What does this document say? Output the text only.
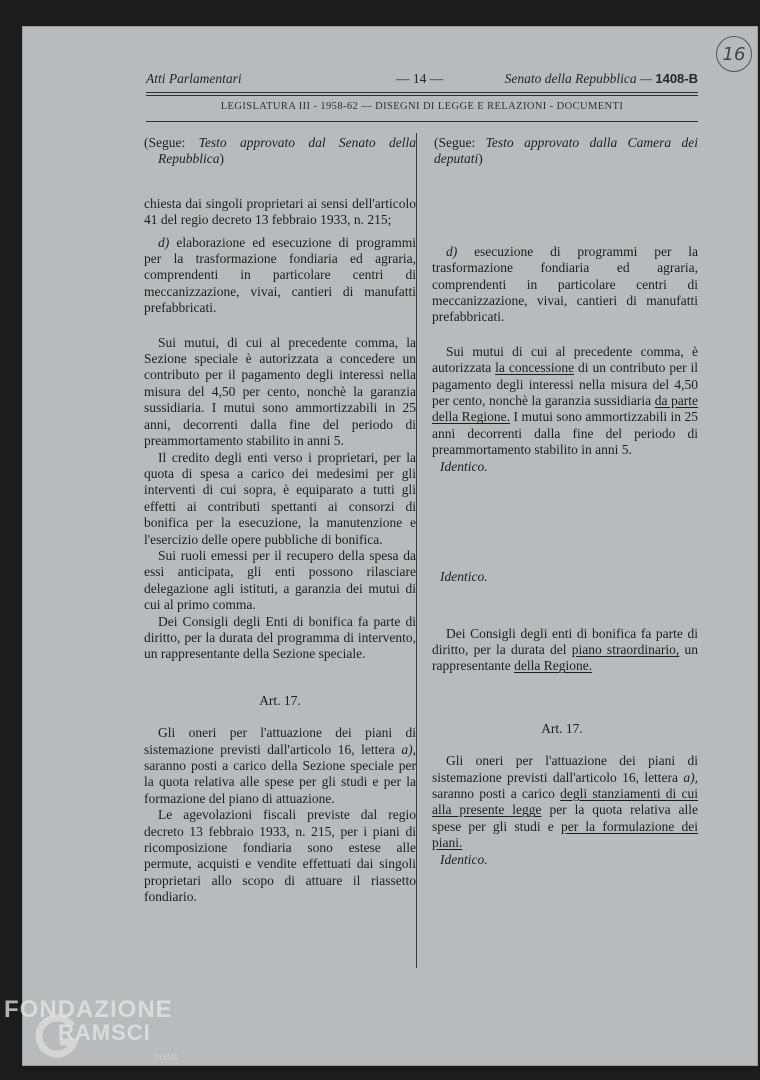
16
Atti Parlamentari	— 14 —	Senato della Repubblica — 1408-B
LEGISLATURA III - 1958-62 — DISEGNI DI LEGGE E RELAZIONI - DOCUMENTI

(Segue: Testo approvato dal Senato della Repubblica)

chiesta dai singoli proprietari ai sensi dell'articolo 41 del regio decreto 13 febbraio 1933, n. 215;

d) elaborazione ed esecuzione di programmi per la trasformazione fondiaria ed agraria, comprendenti in particolare centri di meccanizzazione, vivai, cantieri di manufatti prefabbricati.

Sui mutui, di cui al precedente comma, la Sezione speciale è autorizzata a concedere un contributo per il pagamento degli interessi nella misura del 4,50 per cento, nonchè la garanzia sussidiaria. I mutui sono ammortizzabili in 25 anni, decorrenti dalla fine del periodo di preammortamento stabilito in anni 5.

Il credito degli enti verso i proprietari, per la quota di spesa a carico dei medesimi per gli interventi di cui sopra, è equiparato a tutti gli effetti ai contributi spettanti ai consorzi di bonifica per la esecuzione, la manutenzione e l'esercizio delle opere pubbliche di bonifica.

Sui ruoli emessi per il recupero della spesa da essi anticipata, gli enti possono rilasciare delegazione agli istituti, a garanzia dei mutui di cui al primo comma.

Dei Consigli degli Enti di bonifica fa parte di diritto, per la durata del programma di intervento, un rappresentante della Sezione speciale.

Art. 17.

Gli oneri per l'attuazione dei piani di sistemazione previsti dall'articolo 16, lettera a), saranno posti a carico della Sezione speciale per la quota relativa alle spese per gli studi e per la formazione del piano di attuazione.

Le agevolazioni fiscali previste dal regio decreto 13 febbraio 1933, n. 215, per i piani di ricomposizione fondiaria sono estese alle permute, acquisti e vendite effettuati dai singoli proprietari allo scopo di attuare il riassetto fondiario.

(Segue: Testo approvato dalla Camera dei deputati)

d) esecuzione di programmi per la trasformazione fondiaria ed agraria, comprendenti in particolare centri di meccanizzazione, vivai, cantieri di manufatti prefabbricati.

Sui mutui di cui al precedente comma, è autorizzata la concessione di un contributo per il pagamento degli interessi nella misura del 4,50 per cento, nonchè la garanzia sussidiaria da parte della Regione. I mutui sono ammortizzabili in 25 anni decorrenti dalla fine del periodo di preammortamento stabilito in anni 5.

Identico.

Identico.

Dei Consigli degli enti di bonifica fa parte di diritto, per la durata del piano straordinario, un rappresentante della Regione.

Art. 17.

Gli oneri per l'attuazione dei piani di sistemazione previsti dall'articolo 16, lettera a), saranno posti a carico degli stanziamenti di cui alla presente legge per la quota relativa alle spese per gli studi e per la formulazione dei piani.

Identico.

FONDAZIONE
RAMSCI
onlus
